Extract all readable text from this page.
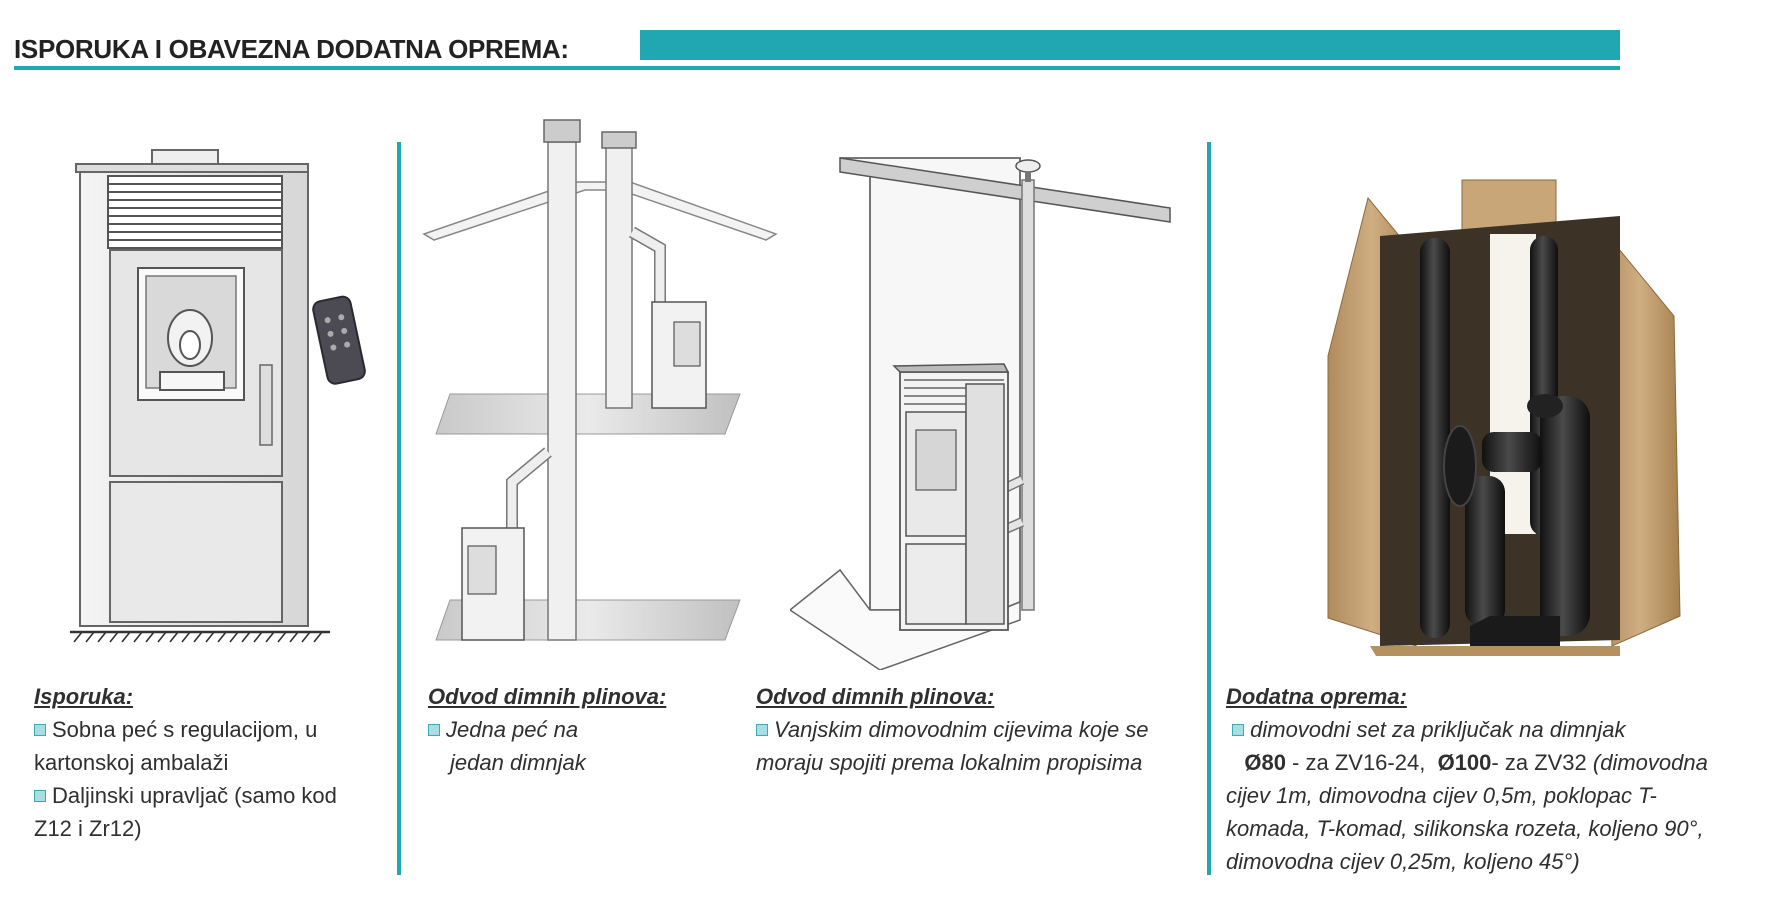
ISPORUKA I OBAVEZNA DODATNA OPREMA:
Isporuka:
Sobna peć s regulacijom, u
kartonskoj ambalaži
Daljinski upravljač (samo kod
Z12 i Zr12)
Odvod dimnih plinova:
Jedna peć na
jedan dimnjak
Odvod dimnih plinova:
Vanjskim dimovodnim cijevima koje se
moraju spojiti prema lokalnim propisima
Dodatna oprema:
dimovodni set za priključak na dimnjak
Ø80 - za ZV16-24,  Ø100- za ZV32 (dimovodna
cijev 1m, dimovodna cijev 0,5m, poklopac T-
komada, T-komad, silikonska rozeta, koljeno 90°,
dimovodna cijev 0,25m, koljeno 45°)
